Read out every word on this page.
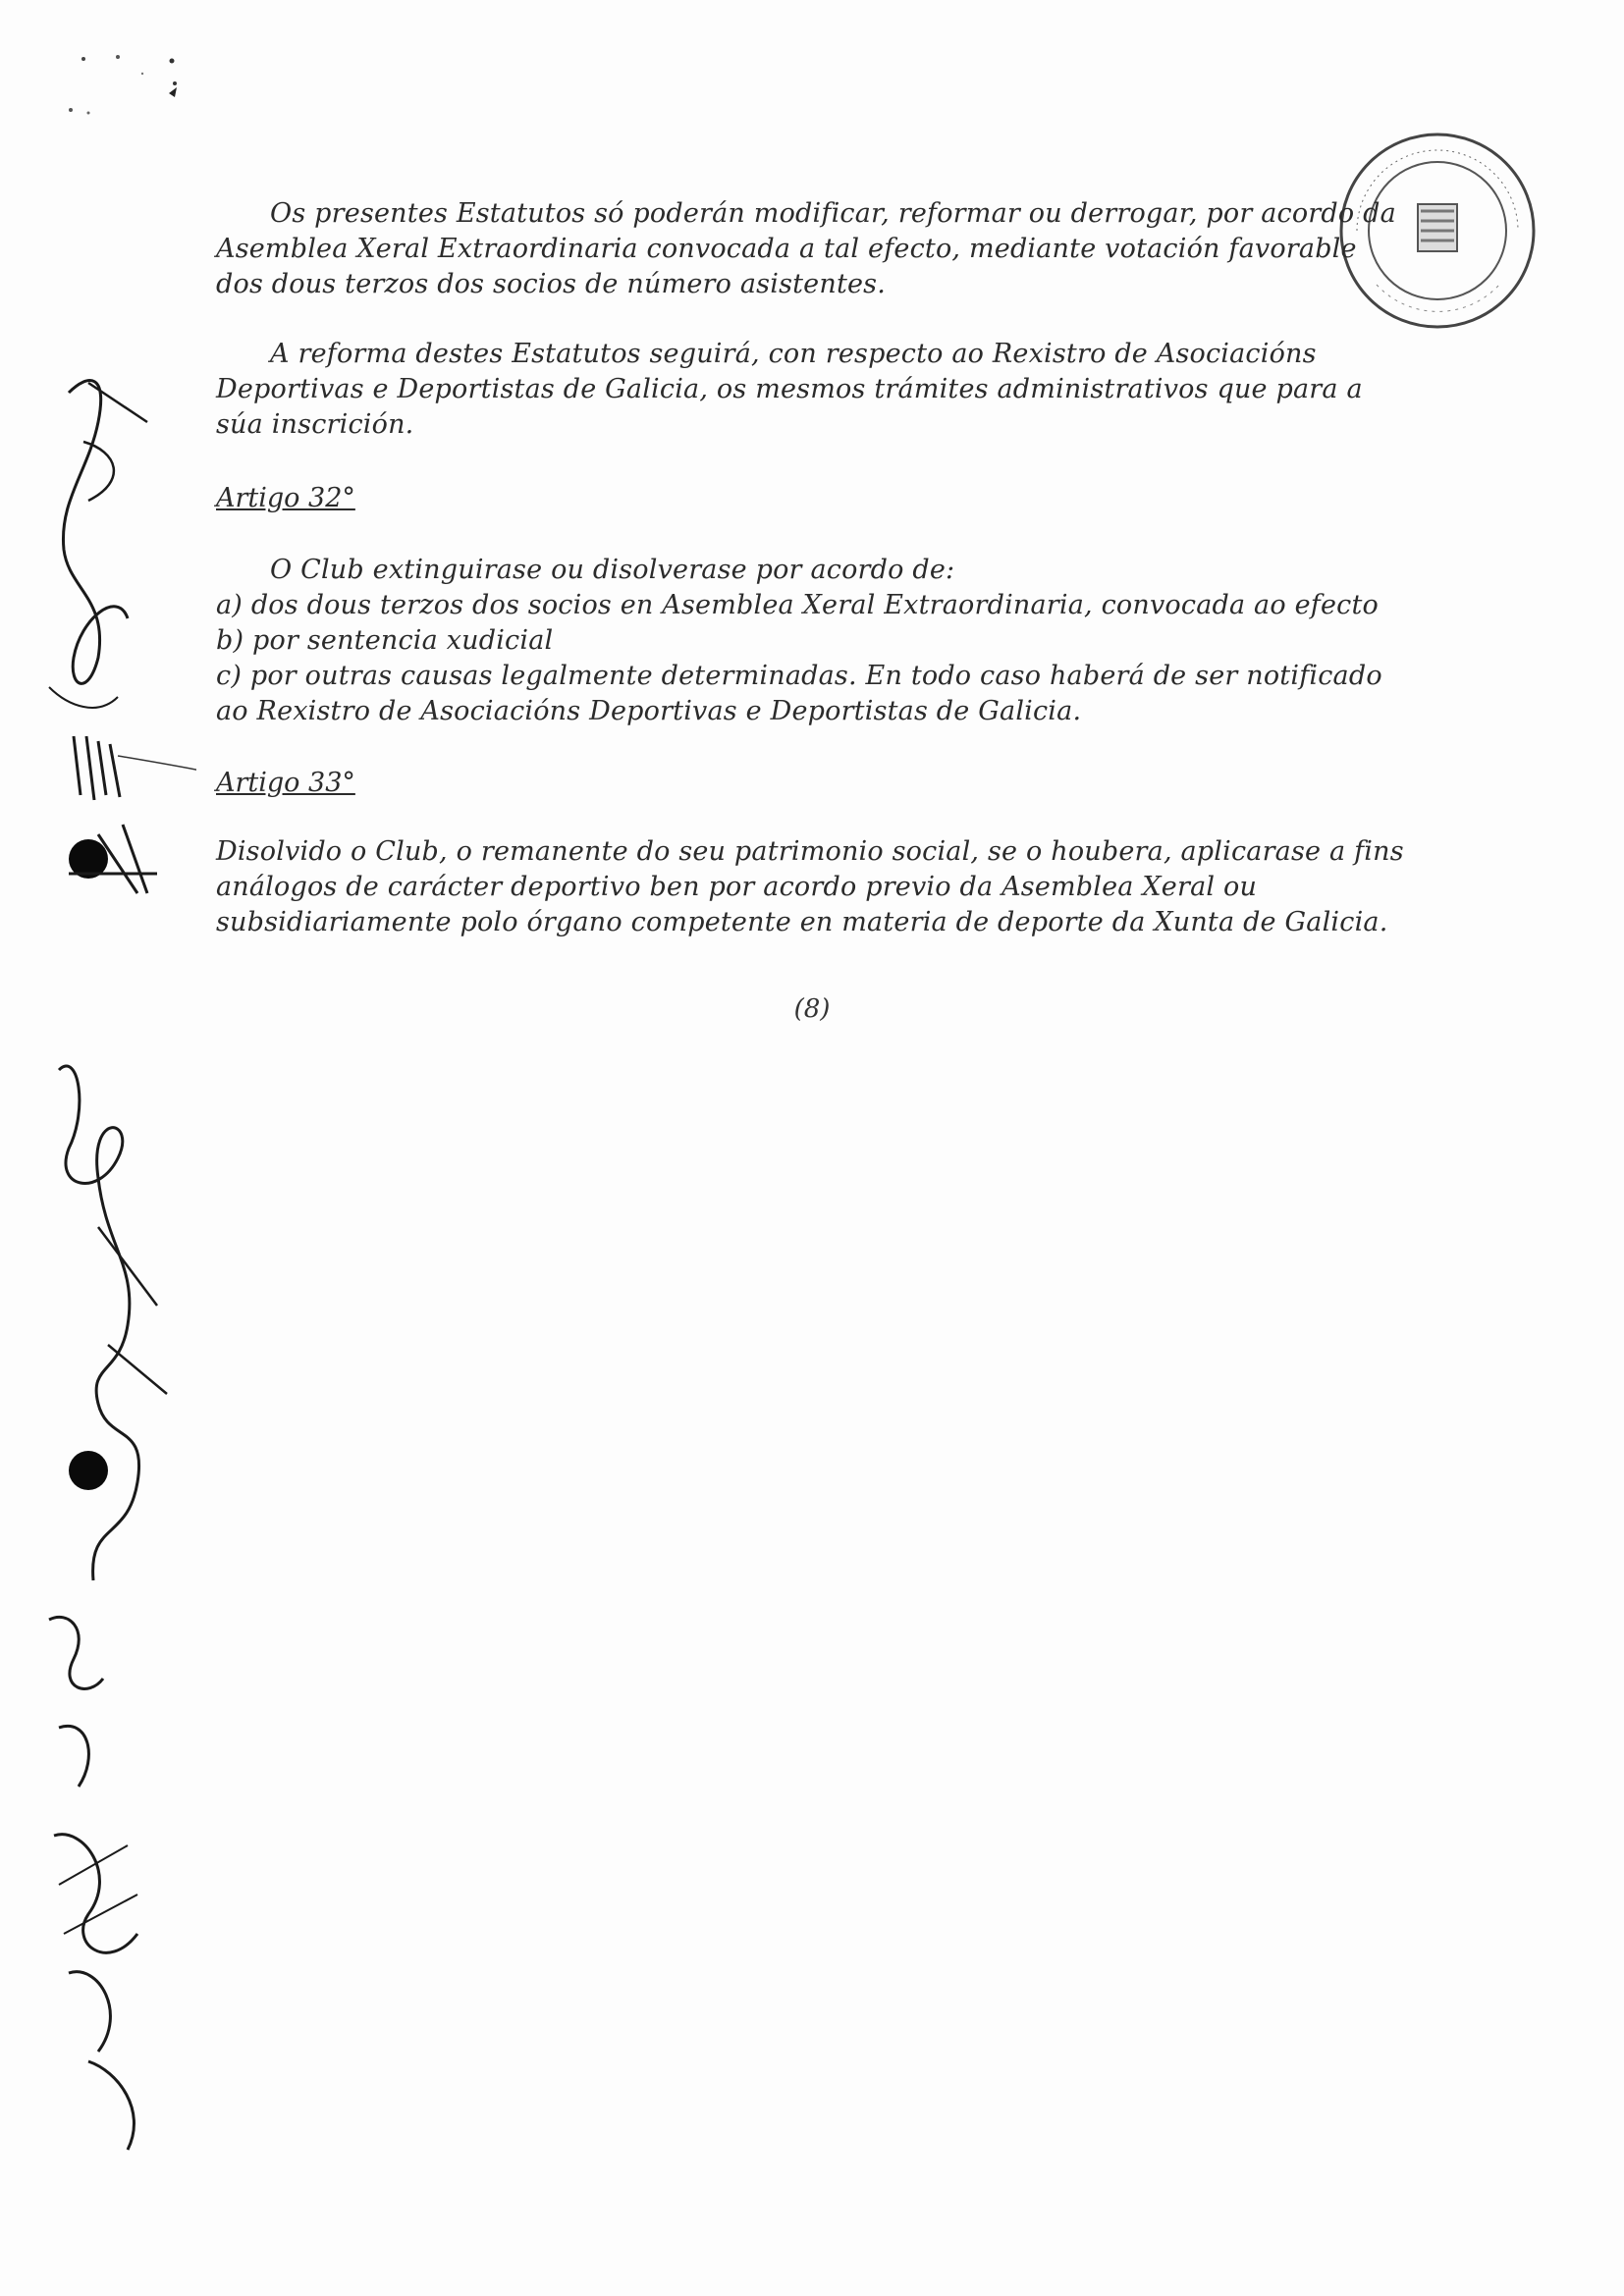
Os presentes Estatutos só poderán modificar, reformar ou derrogar, por acordo da Asemblea Xeral Extraordinaria convocada a tal efecto, mediante votación favorable dos dous terzos dos socios de número asistentes.

A reforma destes Estatutos seguirá, con respecto ao Rexistro de Asociacións Deportivas e Deportistas de Galicia, os mesmos trámites administrativos que para a súa inscrición.

Artigo 32°

O Club extinguirase ou disolverase por acordo de:

a) dos dous terzos dos socios en Asemblea Xeral Extraordinaria, convocada ao efecto

b) por sentencia xudicial

c) por outras causas legalmente determinadas. En todo caso haberá de ser notificado ao Rexistro de Asociacións Deportivas e Deportistas de Galicia.

Artigo 33°

Disolvido o Club, o remanente do seu patrimonio social, se o houbera, aplicarase a fins análogos de carácter deportivo ben por acordo previo da Asemblea Xeral ou subsidiariamente polo órgano competente en materia de deporte da Xunta de Galicia.

(8)
